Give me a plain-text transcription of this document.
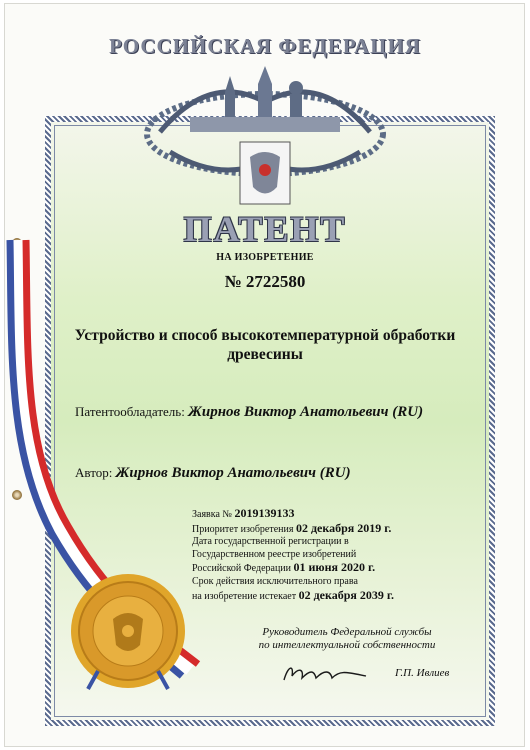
РОССИЙСКАЯ ФЕДЕРАЦИЯ
ПАТЕНТ
НА ИЗОБРЕТЕНИЕ
№ 2722580
Устройство и способ высокотемпературной обработки древесины
Патентообладатель: Жирнов Виктор Анатольевич (RU)
Автор: Жирнов Виктор Анатольевич (RU)
Заявка № 2019139133
Приоритет изобретения 02 декабря 2019 г.
Дата государственной регистрации в
Государственном реестре изобретений
Российской Федерации 01 июня 2020 г.
Срок действия исключительного права
на изобретение истекает 02 декабря 2039 г.
Руководитель Федеральной службы
по интеллектуальной собственности
Г.П. Ивлиев
